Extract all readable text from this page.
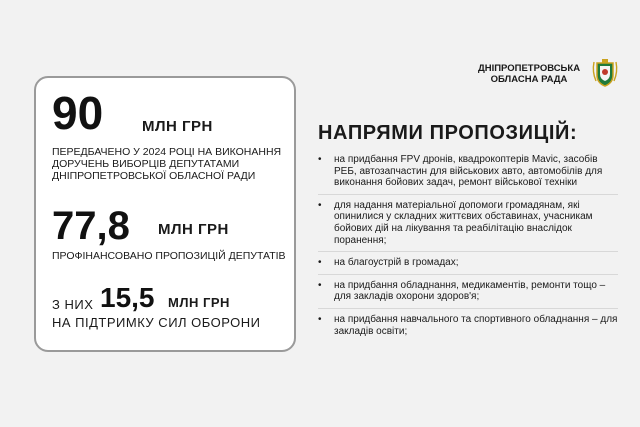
90	МЛН ГРН
ПЕРЕДБАЧЕНО У 2024 РОЦІ НА ВИКОНАННЯ ДОРУЧЕНЬ ВИБОРЦІВ ДЕПУТАТАМИ ДНІПРОПЕТРОВСЬКОЇ ОБЛАСНОЇ РАДИ
77,8 МЛН ГРН
ПРОФІНАНСОВАНО ПРОПОЗИЦІЙ ДЕПУТАТІВ
З НИХ 15,5 МЛН ГРН
НА ПІДТРИМКУ СИЛ ОБОРОНИ
ДНІПРОПЕТРОВСЬКА
ОБЛАСНА РАДА
НАПРЯМИ ПРОПОЗИЦІЙ:
•	на придбання FPV дронів, квадрокоптерів Mavic, засобів РЕБ, автозапчастин для військових авто, автомобілів для виконання бойових задач, ремонт військової техніки
•	для надання матеріальної допомоги громадянам, які опинилися у складних життєвих обставинах, учасникам бойових дій на лікування та реабілітацію внаслідок поранення;
•	на благоустрій в громадах;
•	на придбання обладнання, медикаментів, ремонти тощо – для закладів охорони здоров'я;
•	на придбання навчального та спортивного обладнання – для закладів освіти;
